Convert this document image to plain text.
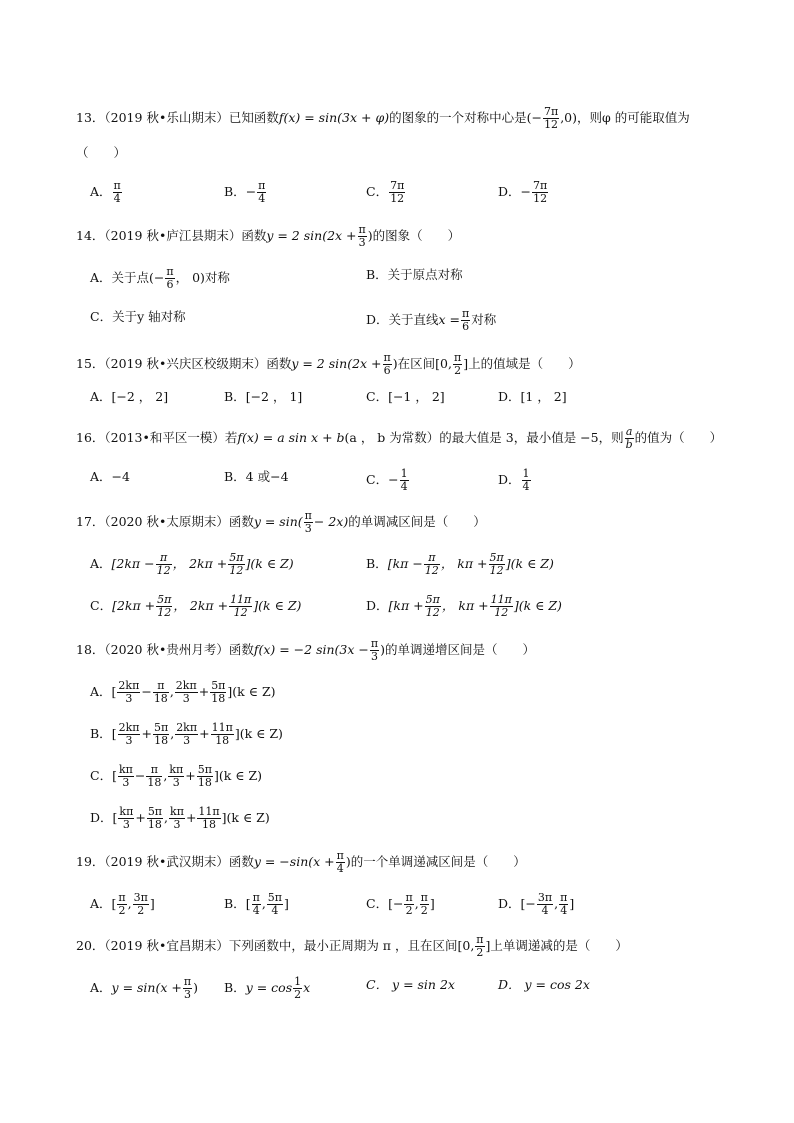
13．（2019 秋•乐山期末）已知函数f(x) = sin(3x + φ)的图象的一个对称中心是(− $\frac{7\pi}{12} ,0$)，则φ 的可能取值为
（　　）
A． $\frac{\pi}{4}$	B．− $\frac{\pi}{4}$	C． $\frac{7\pi}{12}$	D．− $\frac{7\pi}{12}$
14．（2019 秋•庐江县期末）函数y = 2 $\sin(2x + \frac{\pi}{3}$ )的图象（　　）
A．关于点(− $\frac{\pi}{6}$ ， 0)对称	B．关于原点对称
C．关于y 轴对称	D．关于直线$x = \frac{\pi}{6}$ 对称
15．（2019 秋•兴庆区校级期末）函数y = 2 $\sin(2x + \frac{\pi}{6}$ )在区间[0, $\frac{\pi}{2}$ ]上的值域是（　　）
A．[−2 ， 2]	B．[−2 ， 1]	C．[−1 ， 2]	D．[1 ， 2]
16．（2013•和平区一模）若f(x) = a sin x + b(a ， b 为常数）的最大值是 3，最小值是 −5，则 $\frac{a}{b}$ 的值为（　　）
A．−4	B．4 或−4	C．− $\frac{1}{4}$	D． $\frac{1}{4}$
17．（2020 秋•太原期末）函数$y = \sin( \frac{\pi}{3} - 2x)$的单调减区间是（　　）
A．[$2k\pi - \frac{\pi}{12}$ ， $2k\pi + \frac{5\pi}{12} ](k$ ∈ Z)	B．[$k\pi - \frac{\pi}{12}$ ， $k\pi + \frac{5\pi}{12} ](k$ ∈ Z)
C．[$2k\pi + \frac{5\pi}{12}$ ， $2k\pi + \frac{11\pi}{12} ](k$ ∈ Z)	D．[$k\pi + \frac{5\pi}{12}$ ， $k\pi + \frac{11\pi}{12} ](k$ ∈ Z)
18．（2020 秋•贵州月考）函数f(x) = −2 $\sin(3x - \frac{\pi}{3}$ )的单调递增区间是（　　）
A．[ $\frac{2k\pi}{3} - \frac{\pi}{18}$ , $\frac{2k\pi}{3} + \frac{5\pi}{18} ](k$ ∈ Z)
B．[ $\frac{2k\pi}{3} + \frac{5\pi}{18}$ , $\frac{2k\pi}{3} + \frac{11\pi}{18} ](k$ ∈ Z)
C．[ $\frac{k\pi}{3} - \frac{\pi}{18}$ , $\frac{k\pi}{3} + \frac{5\pi}{18} ](k$ ∈ Z)
D．[ $\frac{k\pi}{3} + \frac{5\pi}{18}$ , $\frac{k\pi}{3} + \frac{11\pi}{18} ](k$ ∈ Z)
19．（2019 秋•武汉期末）函数$y = -\sin(x + \frac{\pi}{4}$ )的一个单调递减区间是（　　）
A．[ $\frac{\pi}{2}$ , $\frac{3\pi}{2}$ ]	B．[ $\frac{\pi}{4}$ , $\frac{5\pi}{4}$ ]	C．[− $\frac{\pi}{2}$ , $\frac{\pi}{2}$ ]	D．[− $\frac{3\pi}{4}$ , $\frac{\pi}{4}$ ]
20．（2019 秋•宜昌期末）下列函数中，最小正周期为 π ，且在区间[0, $\frac{\pi}{2}$ ]上单调递减的是（　　）
A．$y = \sin(x + \frac{\pi}{3}$ ) B．$y = \cos \frac{1}{2}$ x	C． y = sin 2x	D． y = cos 2x
